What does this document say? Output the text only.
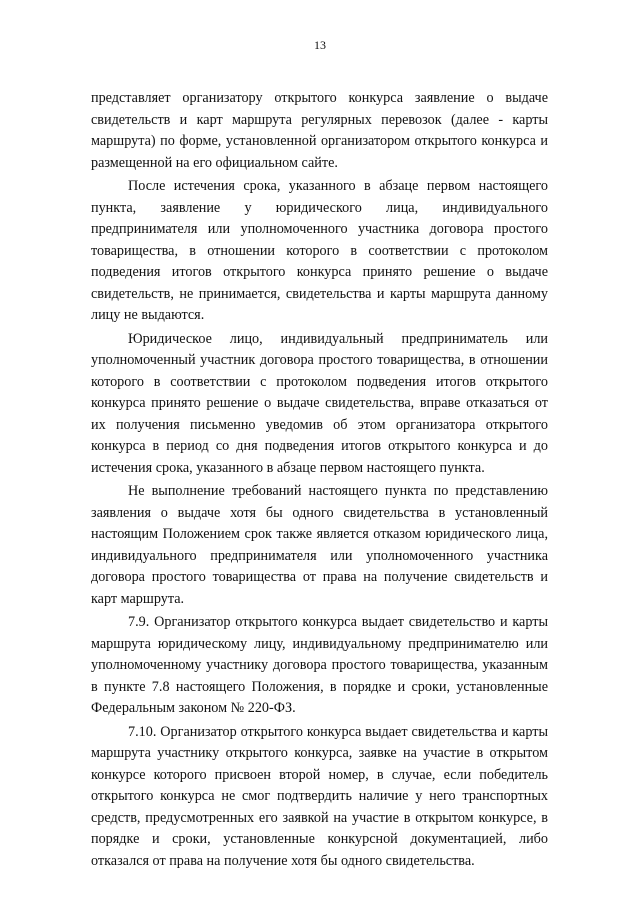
13

представляет организатору открытого конкурса заявление о выдаче свидетельств и карт маршрута регулярных перевозок (далее - карты маршрута) по форме, установленной организатором открытого конкурса и размещенной на его официальном сайте.

После истечения срока, указанного в абзаце первом настоящего пункта, заявление у юридического лица, индивидуального предпринимателя или уполномоченного участника договора простого товарищества, в отношении которого в соответствии с протоколом подведения итогов открытого конкурса принято решение о выдаче свидетельств, не принимается, свидетельства и карты маршрута данному лицу не выдаются.

Юридическое лицо, индивидуальный предприниматель или уполномоченный участник договора простого товарищества, в отношении которого в соответствии с протоколом подведения итогов открытого конкурса принято решение о выдаче свидетельства, вправе отказаться от их получения письменно уведомив об этом организатора открытого конкурса в период со дня подведения итогов открытого конкурса и до истечения срока, указанного в абзаце первом настоящего пункта.

Не выполнение требований настоящего пункта по представлению заявления о выдаче хотя бы одного свидетельства в установленный настоящим Положением срок также является отказом юридического лица, индивидуального предпринимателя или уполномоченного участника договора простого товарищества от права на получение свидетельств и карт маршрута.

7.9. Организатор открытого конкурса выдает свидетельство и карты маршрута юридическому лицу, индивидуальному предпринимателю или уполномоченному участнику договора простого товарищества, указанным в пункте 7.8 настоящего Положения, в порядке и сроки, установленные Федеральным законом № 220-ФЗ.

7.10. Организатор открытого конкурса выдает свидетельства и карты маршрута участнику открытого конкурса, заявке на участие в открытом конкурсе которого присвоен второй номер, в случае, если победитель открытого конкурса не смог подтвердить наличие у него транспортных средств, предусмотренных его заявкой на участие в открытом конкурсе, в порядке и сроки, установленные конкурсной документацией, либо отказался от права на получение хотя бы одного свидетельства.
